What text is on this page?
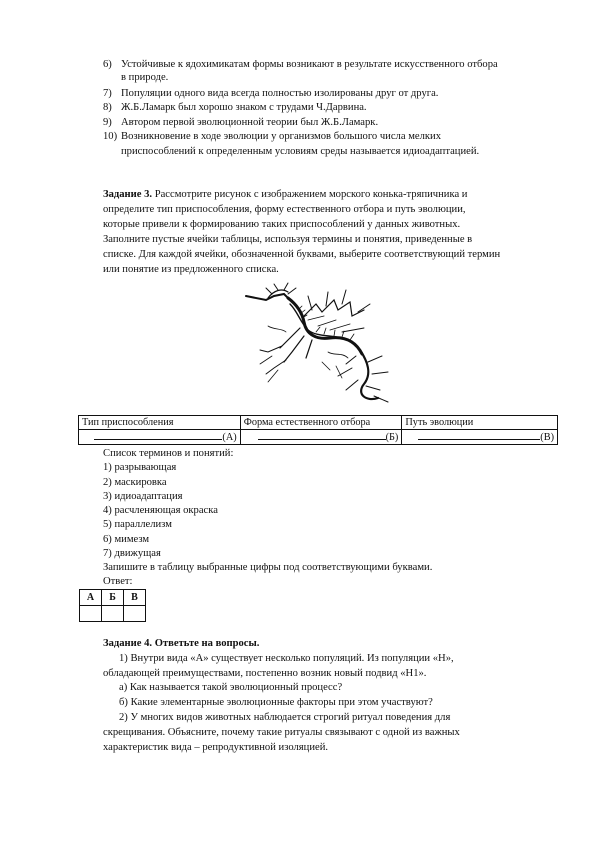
6) Устойчивые к ядохимикатам формы возникают в результате искусственного отбора
в природе.
7) Популяции одного вида всегда полностью изолированы друг от друга.
8) Ж.Б.Ламарк был хорошо знаком с трудами Ч.Дарвина.
9) Автором первой эволюционной теории был Ж.Б.Ламарк.
10) Возникновение в ходе эволюции у организмов большого числа мелких
приспособлений к определенным условиям среды называется идиоадаптацией.
Задание 3. Рассмотрите рисунок с изображением морского конька-тряпичника и
определите тип приспособления, форму естественного отбора и путь эволюции,
которые привели к формированию таких приспособлений у данных животных.
Заполните пустые ячейки таблицы, используя термины и понятия, приведенные в
списке. Для каждой ячейки, обозначенной буквами, выберите соответствующий термин
или понятие из предложенного списка.
Тип приспособления	Форма естественного отбора	Путь эволюции
(А)	(Б)	(В)
Список терминов и понятий:
1) разрывающая
2) маскировка
3) идиоадаптация
4) расчленяющая окраска
5) параллелизм
6) мимезм
7) движущая
Запишите в таблицу выбранные цифры под соответствующими буквами.
Ответ:
А	Б	В

Задание 4. Ответьте на вопросы.
1) Внутри вида «А» существует несколько популяций. Из популяции «Н»,
обладающей преимуществами, постепенно возник новый подвид «Н1».
а) Как называется такой эволюционный процесс?
б) Какие элементарные эволюционные факторы при этом участвуют?
2) У многих видов животных наблюдается строгий ритуал поведения для
скрещивания. Объясните, почему такие ритуалы связывают с одной из важных
характеристик вида – репродуктивной изоляцией.
